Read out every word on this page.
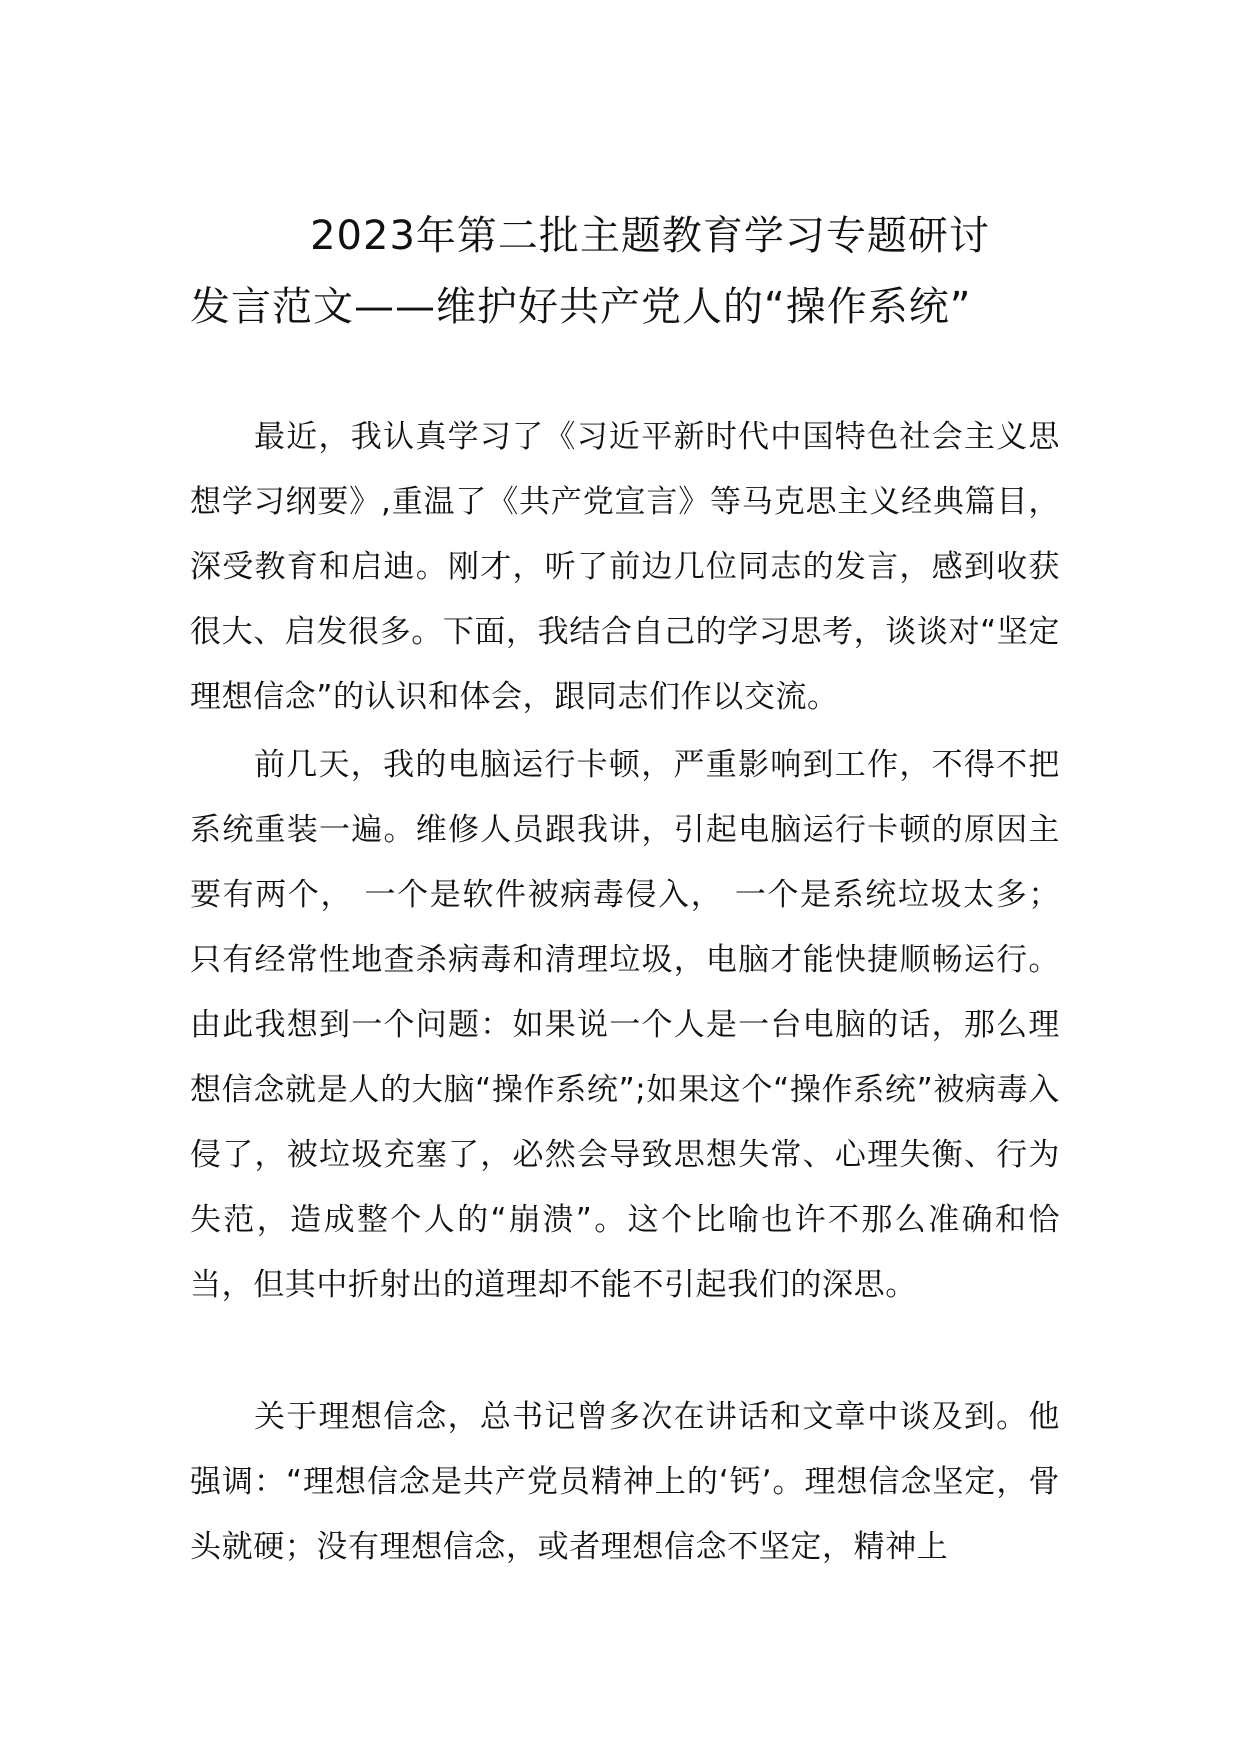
2023年第二批主题教育学习专题研讨
发言范文——维护好共产党人的“操作系统”

最近，我认真学习了《习近平新时代中国特色社会主义思想学习纲要》,重温了《共产党宣言》等马克思主义经典篇目，深受教育和启迪。刚才，听了前边几位同志的发言，感到收获很大、启发很多。下面，我结合自己的学习思考，谈谈对“坚定理想信念”的认识和体会，跟同志们作以交流。

前几天，我的电脑运行卡顿，严重影响到工作，不得不把系统重装一遍。维修人员跟我讲，引起电脑运行卡顿的原因主要有两个， 一个是软件被病毒侵入， 一个是系统垃圾太多；只有经常性地查杀病毒和清理垃圾，电脑才能快捷顺畅运行。由此我想到一个问题：如果说一个人是一台电脑的话，那么理想信念就是人的大脑“操作系统”;如果这个“操作系统”被病毒入侵了，被垃圾充塞了，必然会导致思想失常、心理失衡、行为失范，造成整个人的“崩溃”。这个比喻也许不那么准确和恰当，但其中折射出的道理却不能不引起我们的深思。

关于理想信念，总书记曾多次在讲话和文章中谈及到。他强调：“理想信念是共产党员精神上的‘钙’。理想信念坚定，骨头就硬；没有理想信念，或者理想信念不坚定，精神上
